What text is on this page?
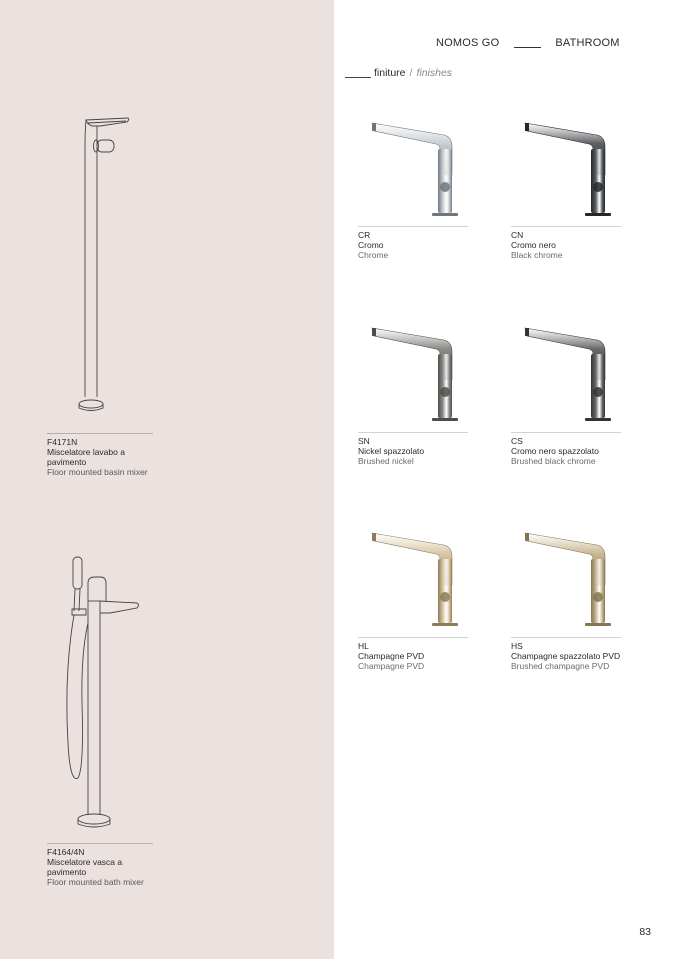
NOMOS GO	BATHROOM
finiture / finishes
F4171N
Miscelatore lavabo a pavimento
Floor mounted basin mixer
F4164/4N
Miscelatore vasca a pavimento
Floor mounted bath mixer
CR
Cromo
Chrome
CN
Cromo nero
Black chrome
SN
Nickel spazzolato
Brushed nickel
CS
Cromo nero spazzolato
Brushed black chrome
HL
Champagne PVD
Champagne PVD
HS
Champagne spazzolato PVD
Brushed champagne PVD
83
